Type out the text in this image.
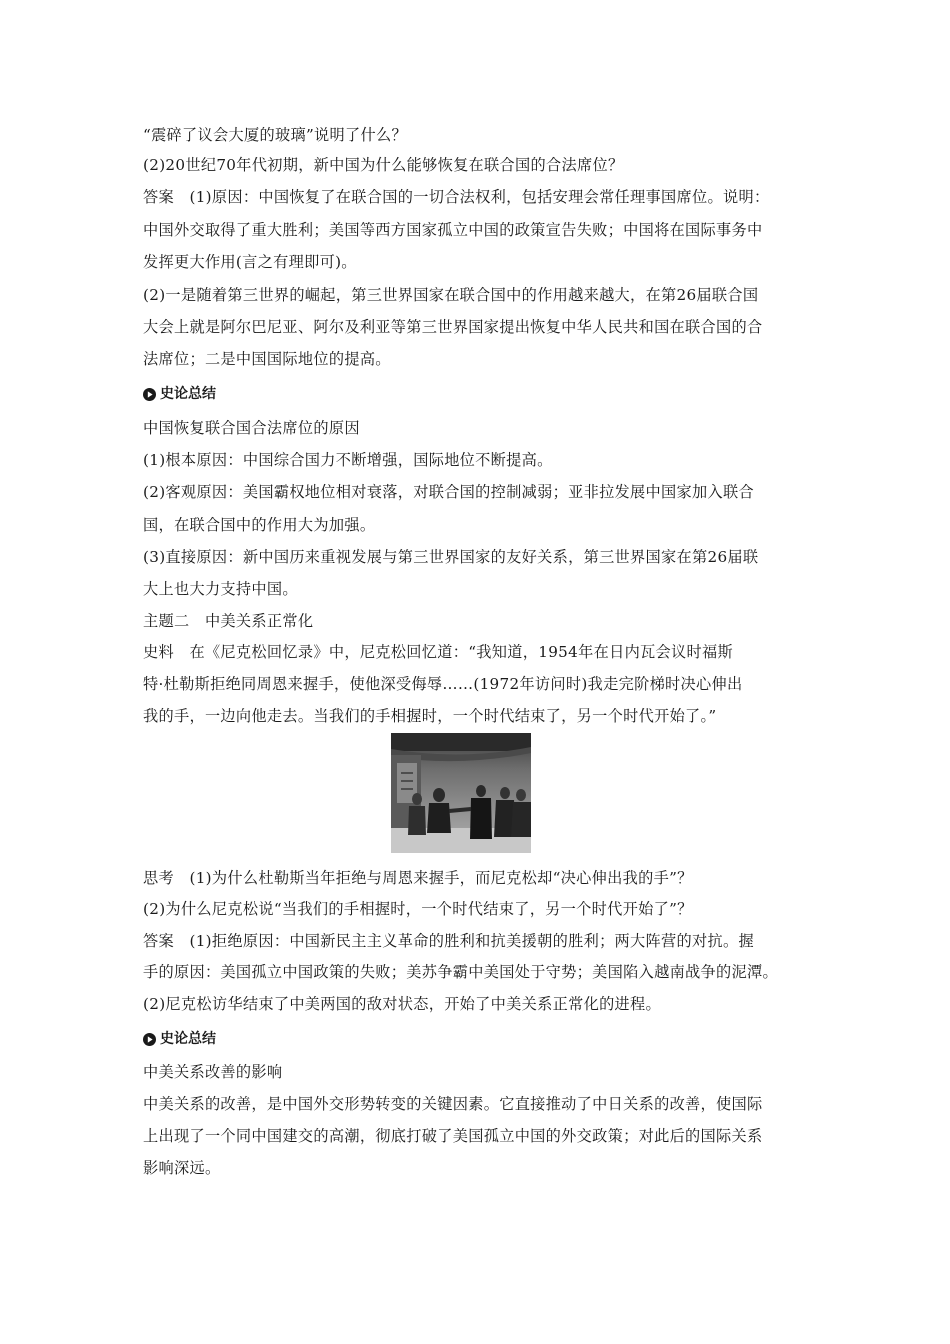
“震碎了议会大厦的玻璃”说明了什么？
(2)20世纪70年代初期，新中国为什么能够恢复在联合国的合法席位？
答案　(1)原因：中国恢复了在联合国的一切合法权利，包括安理会常任理事国席位。说明：
中国外交取得了重大胜利；美国等西方国家孤立中国的政策宣告失败；中国将在国际事务中
发挥更大作用(言之有理即可)。
(2)一是随着第三世界的崛起，第三世界国家在联合国中的作用越来越大，在第26届联合国
大会上就是阿尔巴尼亚、阿尔及利亚等第三世界国家提出恢复中华人民共和国在联合国的合
法席位；二是中国国际地位的提高。
史论总结
中国恢复联合国合法席位的原因
(1)根本原因：中国综合国力不断增强，国际地位不断提高。
(2)客观原因：美国霸权地位相对衰落，对联合国的控制减弱；亚非拉发展中国家加入联合
国，在联合国中的作用大为加强。
(3)直接原因：新中国历来重视发展与第三世界国家的友好关系，第三世界国家在第26届联
大上也大力支持中国。
主题二　中美关系正常化
史料　在《尼克松回忆录》中，尼克松回忆道：“我知道，1954年在日内瓦会议时福斯
特·杜勒斯拒绝同周恩来握手，使他深受侮辱……(1972年访问时)我走完阶梯时决心伸出
我的手，一边向他走去。当我们的手相握时，一个时代结束了，另一个时代开始了。”
思考　(1)为什么杜勒斯当年拒绝与周恩来握手，而尼克松却“决心伸出我的手”？
(2)为什么尼克松说“当我们的手相握时，一个时代结束了，另一个时代开始了”？
答案　(1)拒绝原因：中国新民主主义革命的胜利和抗美援朝的胜利；两大阵营的对抗。握
手的原因：美国孤立中国政策的失败；美苏争霸中美国处于守势；美国陷入越南战争的泥潭。
(2)尼克松访华结束了中美两国的敌对状态，开始了中美关系正常化的进程。
史论总结
中美关系改善的影响
中美关系的改善，是中国外交形势转变的关键因素。它直接推动了中日关系的改善，使国际
上出现了一个同中国建交的高潮，彻底打破了美国孤立中国的外交政策；对此后的国际关系
影响深远。
